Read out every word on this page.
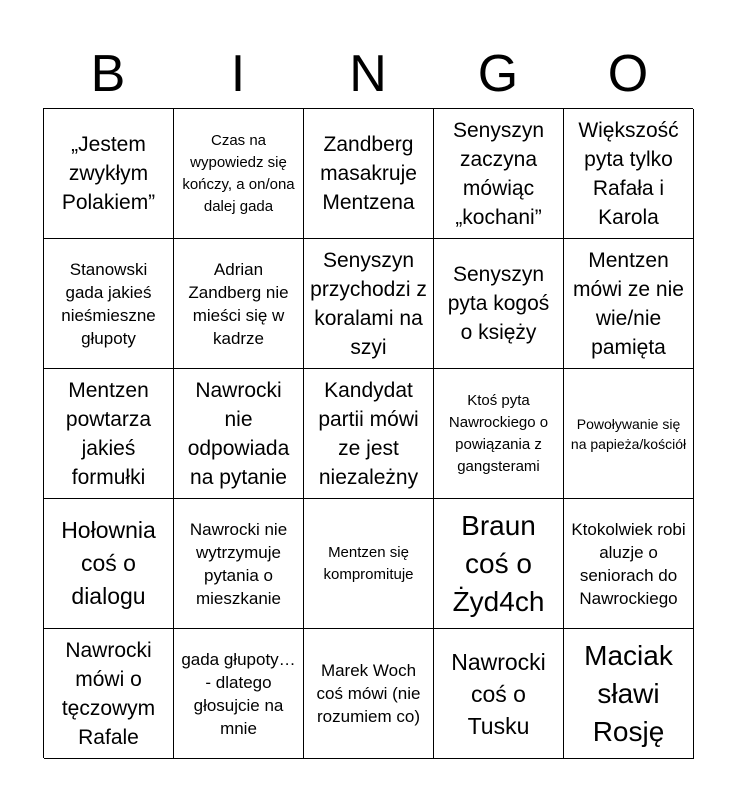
B	I	N	G	O
„Jestem zwykłym Polakiem”
Czas na wypowiedz się kończy, a on/ona dalej gada
Zandberg masakruje Mentzena
Senyszyn zaczyna mówiąc „kochani”
Większość pyta tylko Rafała i Karola
Stanowski gada jakieś nieśmieszne głupoty
Adrian Zandberg nie mieści się w kadrze
Senyszyn przychodzi z koralami na szyi
Senyszyn pyta kogoś o księży
Mentzen mówi ze nie wie/nie pamięta
Mentzen powtarza jakieś formułki
Nawrocki nie odpowiada na pytanie
Kandydat partii mówi ze jest niezależny
Ktoś pyta Nawrockiego o powiązania z gangsterami
Powoływanie się na papieża/kościół
Hołownia coś o dialogu
Nawrocki nie wytrzymuje pytania o mieszkanie
Mentzen się kompromituje
Braun coś o Żyd4ch
Ktokolwiek robi aluzje o seniorach do Nawrockiego
Nawrocki mówi o tęczowym Rafale
gada głupoty… - dlatego głosujcie na mnie
Marek Woch coś mówi (nie rozumiem co)
Nawrocki coś o Tusku
Maciak sławi Rosję
